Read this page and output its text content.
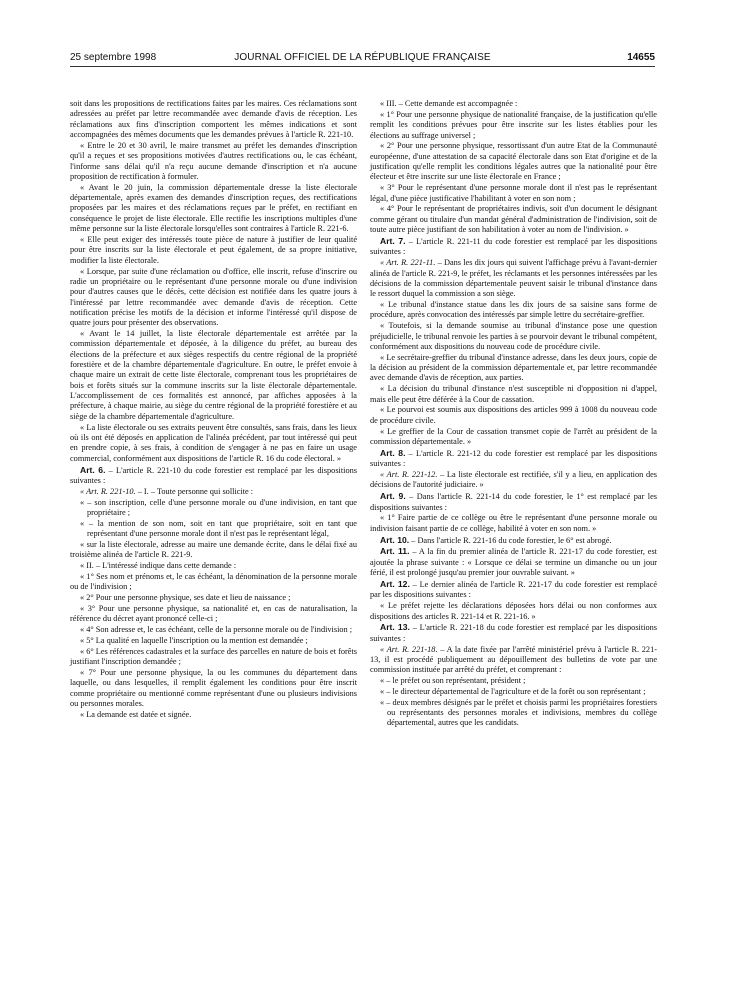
25 septembre 1998	JOURNAL OFFICIEL DE LA RÉPUBLIQUE FRANÇAISE	14655

soit dans les propositions de rectifications faites par les maires. Ces réclamations sont adressées au préfet par lettre recommandée avec demande d'avis de réception. Les réclamations aux fins d'inscription comportent les mêmes indications et sont accompagnées des mêmes documents que les demandes prévues à l'article R. 221-10.

« Entre le 20 et 30 avril, le maire transmet au préfet les demandes d'inscription qu'il a reçues et ses propositions motivées d'autres rectifications ou, le cas échéant, l'informe sans délai qu'il n'a reçu aucune demande d'inscription et n'a aucune proposition de rectification à formuler.

« Avant le 20 juin, la commission départementale dresse la liste électorale départementale, après examen des demandes d'inscription reçues, des rectifications proposées par les maires et des réclamations reçues par le préfet, en rectifiant en conséquence le projet de liste électorale. Elle rectifie les inscriptions multiples d'une même personne sur la liste électorale lorsqu'elles sont contraires à l'article R. 221-6.

« Elle peut exiger des intéressés toute pièce de nature à justifier de leur qualité pour être inscrits sur la liste électorale et peut également, de sa propre initiative, modifier la liste électorale.

« Lorsque, par suite d'une réclamation ou d'office, elle inscrit, refuse d'inscrire ou radie un propriétaire ou le représentant d'une personne morale ou d'une indivision pour d'autres causes que le décès, cette décision est notifiée dans les quatre jours à l'intéressé par lettre recommandée avec demande d'avis de réception. Cette notification précise les motifs de la décision et informe l'intéressé qu'il dispose de quatre jours pour présenter des observations.

« Avant le 14 juillet, la liste électorale départementale est arrêtée par la commission départementale et déposée, à la diligence du préfet, au bureau des élections de la préfecture et aux sièges respectifs du centre régional de la propriété forestière et de la chambre départementale d'agriculture. En outre, le préfet envoie à chaque maire un extrait de cette liste électorale, comprenant tous les propriétaires de bois et forêts situés sur la commune inscrits sur la liste électorale départementale. L'accomplissement de ces formalités est annoncé, par affiches apposées à la préfecture, à chaque mairie, au siège du centre régional de la propriété forestière et au siège de la chambre départementale d'agriculture.

« La liste électorale ou ses extraits peuvent être consultés, sans frais, dans les lieux où ils ont été déposés en application de l'alinéa précédent, par tout intéressé qui peut en prendre copie, à ses frais, à condition de s'engager à ne pas en faire un usage commercial, conformément aux dispositions de l'article R. 16 du code électoral. »

Art. 6. – L'article R. 221-10 du code forestier est remplacé par les dispositions suivantes :

« Art. R. 221-10. – I. – Toute personne qui sollicite :

« – son inscription, celle d'une personne morale ou d'une indivision, en tant que propriétaire ;

« – la mention de son nom, soit en tant que propriétaire, soit en tant que représentant d'une personne morale dont il n'est pas le représentant légal,

« sur la liste électorale, adresse au maire une demande écrite, dans le délai fixé au troisième alinéa de l'article R. 221-9.

« II. – L'intéressé indique dans cette demande :

« 1° Ses nom et prénoms et, le cas échéant, la dénomination de la personne morale ou de l'indivision ;

« 2° Pour une personne physique, ses date et lieu de naissance ;

« 3° Pour une personne physique, sa nationalité et, en cas de naturalisation, la référence du décret ayant prononcé celle-ci ;

« 4° Son adresse et, le cas échéant, celle de la personne morale ou de l'indivision ;

« 5° La qualité en laquelle l'inscription ou la mention est demandée ;

« 6° Les références cadastrales et la surface des parcelles en nature de bois et forêts justifiant l'inscription demandée ;

« 7° Pour une personne physique, la ou les communes du département dans laquelle, ou dans lesquelles, il remplit également les conditions pour être inscrit comme propriétaire ou mentionné comme représentant d'une ou plusieurs indivisions ou personnes morales.

« La demande est datée et signée.

« III. – Cette demande est accompagnée :

« 1° Pour une personne physique de nationalité française, de la justification qu'elle remplit les conditions prévues pour être inscrite sur les listes établies pour les élections au suffrage universel ;

« 2° Pour une personne physique, ressortissant d'un autre Etat de la Communauté européenne, d'une attestation de sa capacité électorale dans son Etat d'origine et de la justification qu'elle remplit les conditions légales autres que la nationalité pour être électeur et être inscrite sur une liste électorale en France ;

« 3° Pour le représentant d'une personne morale dont il n'est pas le représentant légal, d'une pièce justificative l'habilitant à voter en son nom ;

« 4° Pour le représentant de propriétaires indivis, soit d'un document le désignant comme gérant ou titulaire d'un mandat général d'administration de l'indivision, soit de toute autre pièce justifiant de son habilitation à voter au nom de l'indivision. »

Art. 7. – L'article R. 221-11 du code forestier est remplacé par les dispositions suivantes :

« Art. R. 221-11. – Dans les dix jours qui suivent l'affichage prévu à l'avant-dernier alinéa de l'article R. 221-9, le préfet, les réclamants et les personnes intéressées par les décisions de la commission départementale peuvent saisir le tribunal d'instance dans le ressort duquel la commission a son siège.

« Le tribunal d'instance statue dans les dix jours de sa saisine sans forme de procédure, après convocation des intéressés par simple lettre du secrétaire-greffier.

« Toutefois, si la demande soumise au tribunal d'instance pose une question préjudicielle, le tribunal renvoie les parties à se pourvoir devant le tribunal compétent, conformément aux dispositions du nouveau code de procédure civile.

« Le secrétaire-greffier du tribunal d'instance adresse, dans les deux jours, copie de la décision au président de la commission départementale et, par lettre recommandée avec demande d'avis de réception, aux parties.

« La décision du tribunal d'instance n'est susceptible ni d'opposition ni d'appel, mais elle peut être déférée à la Cour de cassation.

« Le pourvoi est soumis aux dispositions des articles 999 à 1008 du nouveau code de procédure civile.

« Le greffier de la Cour de cassation transmet copie de l'arrêt au président de la commission départementale. »

Art. 8. – L'article R. 221-12 du code forestier est remplacé par les dispositions suivantes :

« Art. R. 221-12. – La liste électorale est rectifiée, s'il y a lieu, en application des décisions de l'autorité judiciaire. »

Art. 9. – Dans l'article R. 221-14 du code forestier, le 1° est remplacé par les dispositions suivantes :

« 1° Faire partie de ce collège ou être le représentant d'une personne morale ou indivision faisant partie de ce collège, habilité à voter en son nom. »

Art. 10. – Dans l'article R. 221-16 du code forestier, le 6° est abrogé.

Art. 11. – A la fin du premier alinéa de l'article R. 221-17 du code forestier, est ajoutée la phrase suivante : « Lorsque ce délai se termine un dimanche ou un jour férié, il est prolongé jusqu'au premier jour ouvrable suivant. »

Art. 12. – Le dernier alinéa de l'article R. 221-17 du code forestier est remplacé par les dispositions suivantes :

« Le préfet rejette les déclarations déposées hors délai ou non conformes aux dispositions des articles R. 221-14 et R. 221-16. »

Art. 13. – L'article R. 221-18 du code forestier est remplacé par les dispositions suivantes :

« Art. R. 221-18. – A la date fixée par l'arrêté ministériel prévu à l'article R. 221-13, il est procédé publiquement au dépouillement des bulletins de vote par une commission instituée par arrêté du préfet, et comprenant :

« – le préfet ou son représentant, président ;

« – le directeur départemental de l'agriculture et de la forêt ou son représentant ;

« – deux membres désignés par le préfet et choisis parmi les propriétaires forestiers ou représentants des personnes morales et indivisions, membres du collège départemental, autres que les candidats.
